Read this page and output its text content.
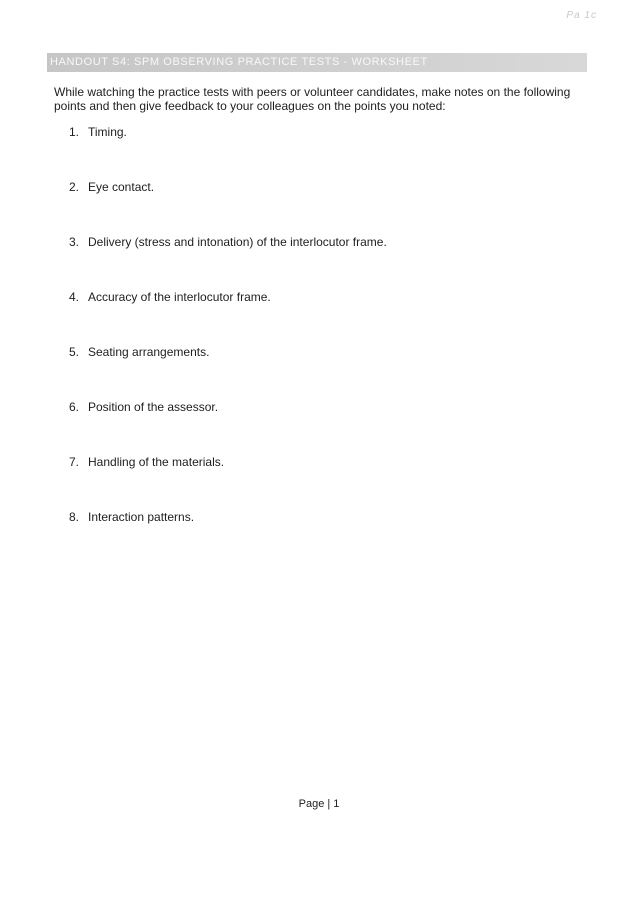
Pa 1c
HANDOUT S4: SPM OBSERVING PRACTICE TESTS - WORKSHEET

While watching the practice tests with peers or volunteer candidates, make notes on the following points and then give feedback to your colleagues on the points you noted:

1. Timing.
2. Eye contact.
3. Delivery (stress and intonation) of the interlocutor frame.
4. Accuracy of the interlocutor frame.
5. Seating arrangements.
6. Position of the assessor.
7. Handling of the materials.
8. Interaction patterns.
Page | 1
